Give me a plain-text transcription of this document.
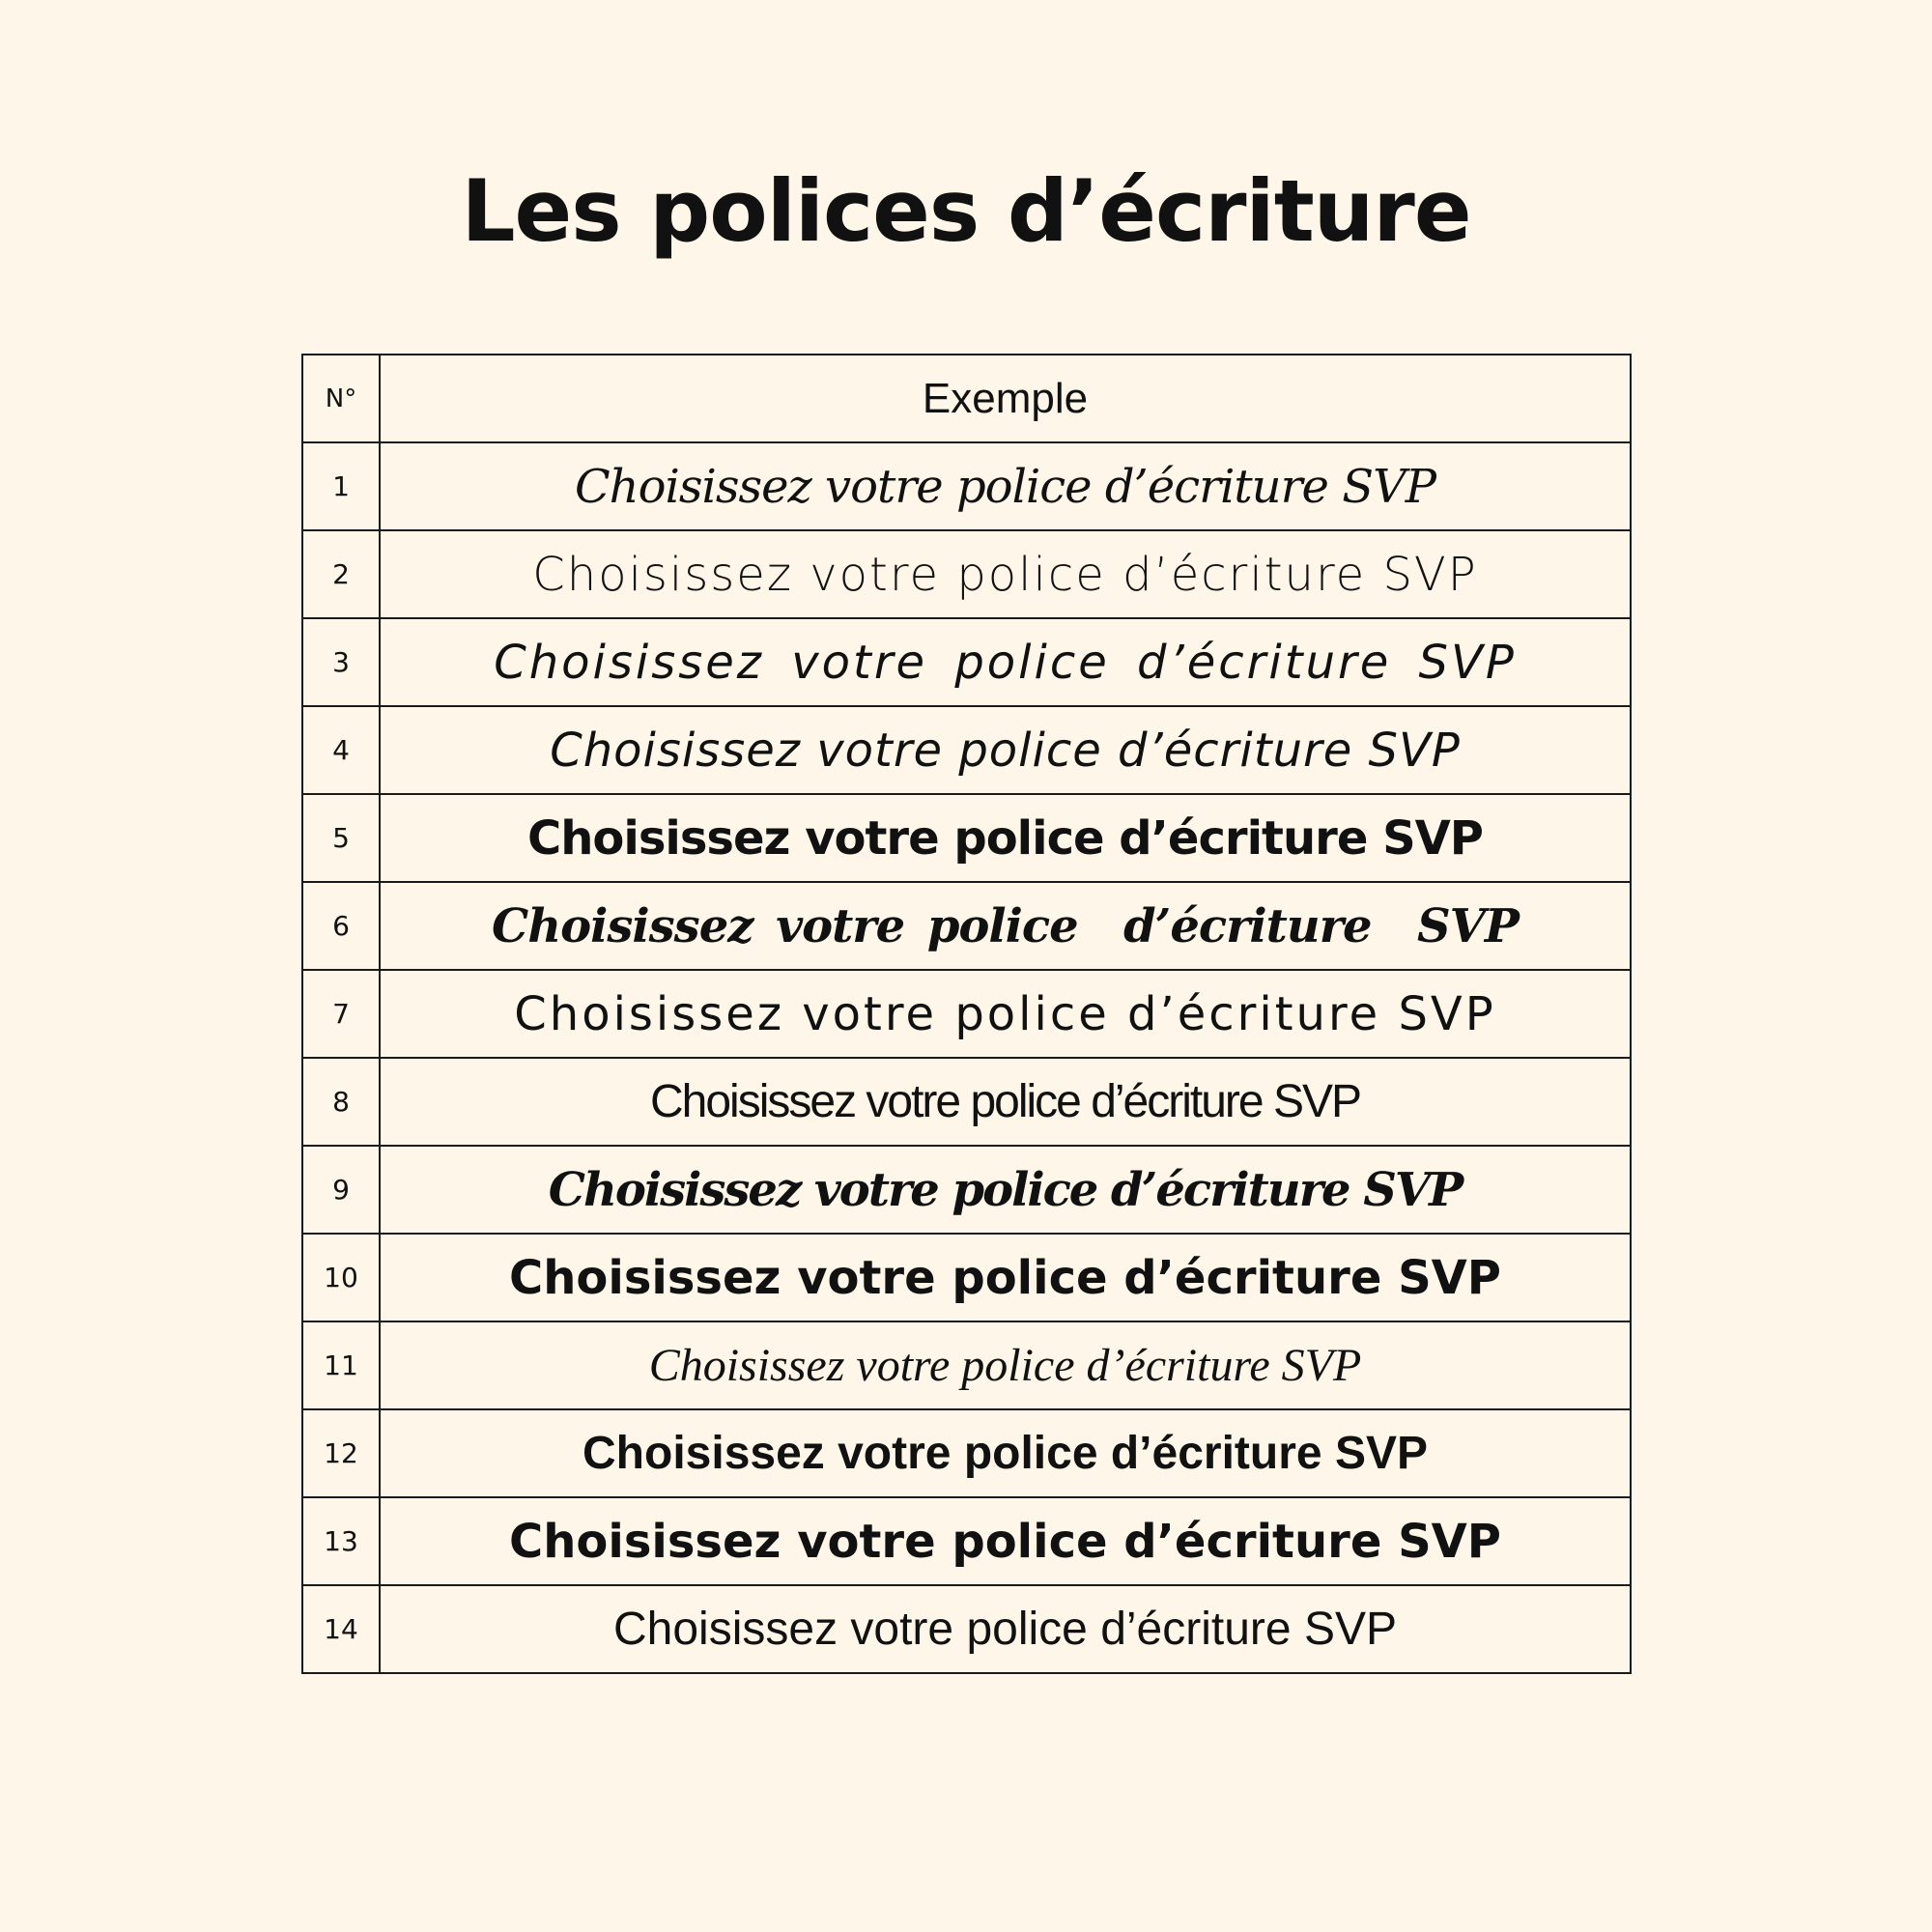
Les polices d’écriture
N°	Exemple
1	Choisissez votre police d’écriture SVP
2	Choisissez votre police d’écriture SVP
3	Choisissez votre police d’écriture SVP
4	Choisissez votre police d’écriture SVP
5	Choisissez votre police d’écriture SVP
6	Choisissez votre police  d’écriture  SVP
7	Choisissez votre police d’écriture SVP
8	Choisissez votre police d’écriture SVP
9	Choisissez votre police d’écriture SVP
10	Choisissez votre police d’écriture SVP
11	Choisissez votre police d’écriture SVP
12	Choisissez votre police d’écriture SVP
13	Choisissez votre police d’écriture SVP
14	Choisissez votre police d’écriture SVP
